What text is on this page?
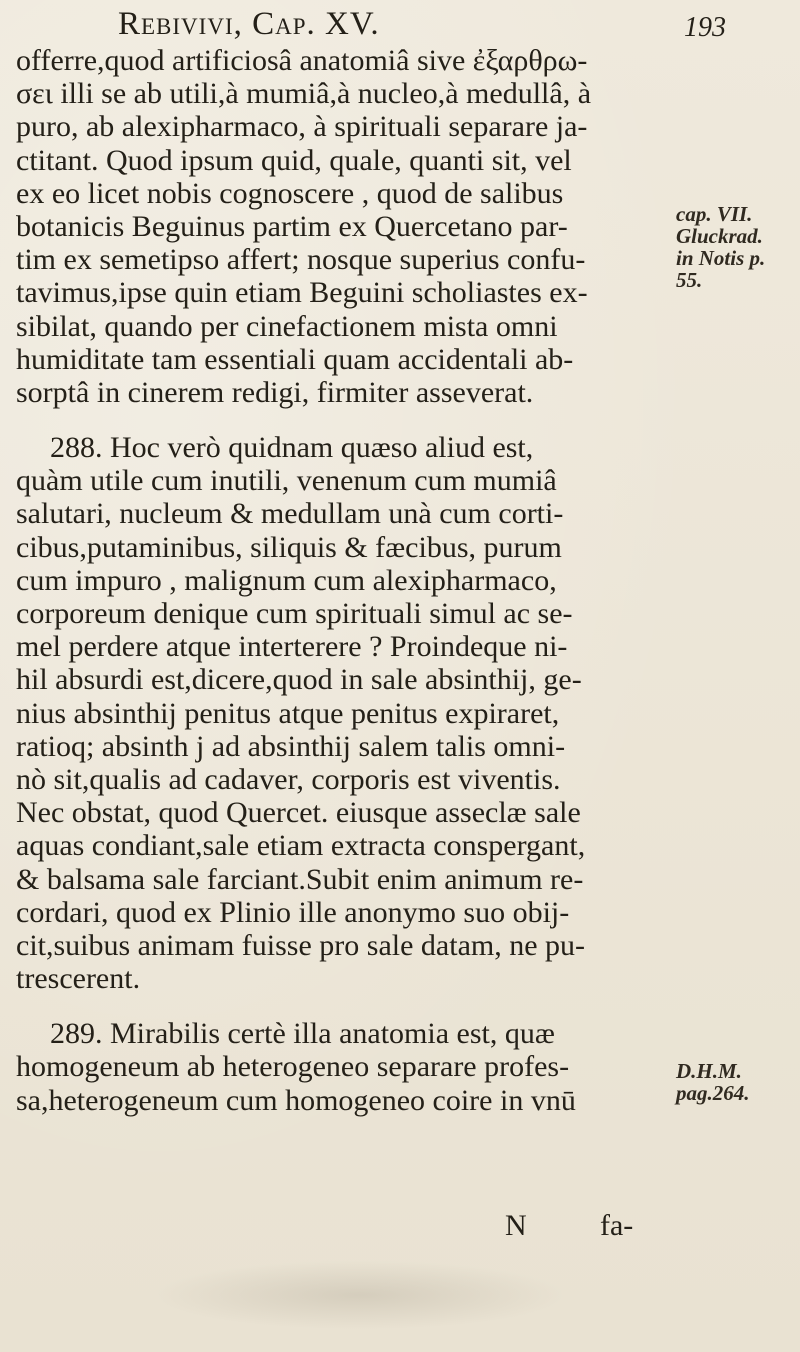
Rebivivi, Cap. XV.	193
offerre,quod artificiosâ anatomiâ sive ἐξαρθρω-
σει illi se ab utili,à mumiâ,à nucleo,à medullâ, à
puro, ab alexipharmaco, à spirituali separare ja-
ctitant. Quod ipsum quid, quale, quanti sit, vel
ex eo licet nobis cognoscere , quod de salibus
botanicis Beguinus partim ex Quercetano par-
tim ex semetipso affert; nosque superius confu-
tavimus,ipse quin etiam Beguini scholiastes ex-
sibilat, quando per cinefactionem mista omni
humiditate tam essentiali quam accidentali ab-
sorptâ in cinerem redigi, firmiter asseverat.
288. Hoc verò quidnam quæso aliud est,
quàm utile cum inutili, venenum cum mumiâ
salutari, nucleum & medullam unà cum corti-
cibus,putaminibus, siliquis & fæcibus, purum
cum impuro , malignum cum alexipharmaco,
corporeum denique cum spirituali simul ac se-
mel perdere atque interterere ? Proindeque ni-
hil absurdi est,dicere,quod in sale absinthij, ge-
nius absinthij penitus atque penitus expiraret,
ratioq; absinth j ad absinthij salem talis omni-
nò sit,qualis ad cadaver, corporis est viventis.
Nec obstat, quod Quercet. eiusque asseclæ sale
aquas condiant,sale etiam extracta conspergant,
& balsama sale farciant.Subit enim animum re-
cordari, quod ex Plinio ille anonymo suo obij-
cit,suibus animam fuisse pro sale datam, ne pu-
trescerent.
289. Mirabilis certè illa anatomia est, quæ
homogeneum ab heterogeneo separare profes-
sa,heterogeneum cum homogeneo coire in vnū
cap. VII.
Gluckrad.
in Notis p.
55.
D.H.M.
pag.264.
N fa-
